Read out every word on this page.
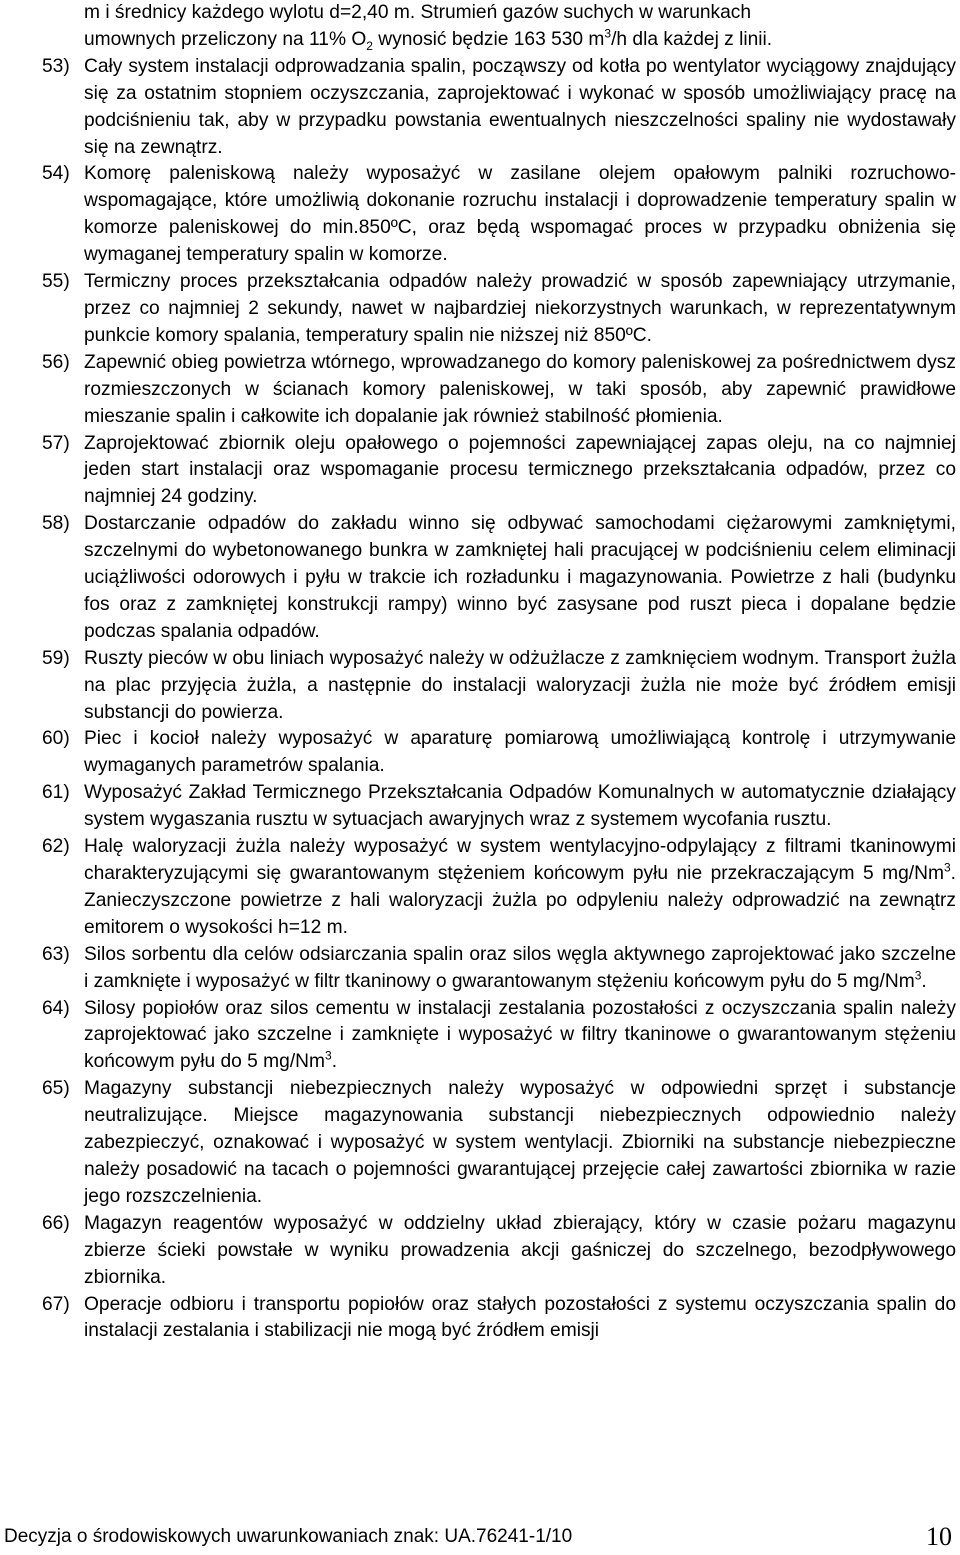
m i średnicy każdego wylotu d=2,40 m. Strumień gazów suchych w warunkach
umownych przeliczony na 11% $O_2$ wynosić będzie 163 530 $m^3/h$ dla każdej z linii.
53) Cały system instalacji odprowadzania spalin, począwszy od kotła po wentylator wyciągowy znajdujący się za ostatnim stopniem oczyszczania, zaprojektować i wykonać w sposób umożliwiający pracę na podciśnieniu tak, aby w przypadku powstania ewentualnych nieszczelności spaliny nie wydostawały się na zewnątrz.
54) Komorę paleniskową należy wyposażyć w zasilane olejem opałowym palniki rozruchowo-wspomagające, które umożliwią dokonanie rozruchu instalacji i doprowadzenie temperatury spalin w komorze paleniskowej do min.850ºC, oraz będą wspomagać proces w przypadku obniżenia się wymaganej temperatury spalin w komorze.
55) Termiczny proces przekształcania odpadów należy prowadzić w sposób zapewniający utrzymanie, przez co najmniej 2 sekundy, nawet w najbardziej niekorzystnych warunkach, w reprezentatywnym punkcie komory spalania, temperatury spalin nie niższej niż 850ºC.
56) Zapewnić obieg powietrza wtórnego, wprowadzanego do komory paleniskowej za pośrednictwem dysz rozmieszczonych w ścianach komory paleniskowej, w taki sposób, aby zapewnić prawidłowe mieszanie spalin i całkowite ich dopalanie jak również stabilność płomienia.
57) Zaprojektować zbiornik oleju opałowego o pojemności zapewniającej zapas oleju, na co najmniej jeden start instalacji oraz wspomaganie procesu termicznego przekształcania odpadów, przez co najmniej 24 godziny.
58) Dostarczanie odpadów do zakładu winno się odbywać samochodami ciężarowymi zamkniętymi, szczelnymi do wybetonowanego bunkra w zamkniętej hali pracującej w podciśnieniu celem eliminacji uciążliwości odorowych i pyłu w trakcie ich rozładunku i magazynowania. Powietrze z hali (budynku fos oraz z zamkniętej konstrukcji rampy) winno być zasysane pod ruszt pieca i dopalane będzie podczas spalania odpadów.
59) Ruszty pieców w obu liniach wyposażyć należy w odżużlacze z zamknięciem wodnym. Transport żużla na plac przyjęcia żużla, a następnie do instalacji waloryzacji żużla nie może być źródłem emisji substancji do powierza.
60) Piec i kocioł należy wyposażyć w aparaturę pomiarową umożliwiającą kontrolę i utrzymywanie wymaganych parametrów spalania.
61) Wyposażyć Zakład Termicznego Przekształcania Odpadów Komunalnych w automatycznie działający system wygaszania rusztu w sytuacjach awaryjnych wraz z systemem wycofania rusztu.
62) Halę waloryzacji żużla należy wyposażyć w system wentylacyjno-odpylający z filtrami tkaninowymi charakteryzującymi się gwarantowanym stężeniem końcowym pyłu nie przekraczającym 5 mg/Nm$^3$. Zanieczyszczone powietrze z hali waloryzacji żużla po odpyleniu należy odprowadzić na zewnątrz emitorem o wysokości h=12 m.
63) Silos sorbentu dla celów odsiarczania spalin oraz silos węgla aktywnego zaprojektować jako szczelne i zamknięte i wyposażyć w filtr tkaninowy o gwarantowanym stężeniu końcowym pyłu do 5 mg/Nm$^3$.
64) Silosy popiołów oraz silos cementu w instalacji zestalania pozostałości z oczyszczania spalin należy zaprojektować jako szczelne i zamknięte i wyposażyć w filtry tkaninowe o gwarantowanym stężeniu końcowym pyłu do 5 mg/Nm$^3$.
65) Magazyny substancji niebezpiecznych należy wyposażyć w odpowiedni sprzęt i substancje neutralizujące. Miejsce magazynowania substancji niebezpiecznych odpowiednio należy zabezpieczyć, oznakować i wyposażyć w system wentylacji. Zbiorniki na substancje niebezpieczne należy posadowić na tacach o pojemności gwarantującej przejęcie całej zawartości zbiornika w razie jego rozszczelnienia.
66) Magazyn reagentów wyposażyć w oddzielny układ zbierający, który w czasie pożaru magazynu zbierze ścieki powstałe w wyniku prowadzenia akcji gaśniczej do szczelnego, bezodpływowego zbiornika.
67) Operacje odbioru i transportu popiołów oraz stałych pozostałości z systemu oczyszczania spalin do instalacji zestalania i stabilizacji nie mogą być źródłem emisji
Decyzja o środowiskowych uwarunkowaniach znak: UA.76241-1/10	10
